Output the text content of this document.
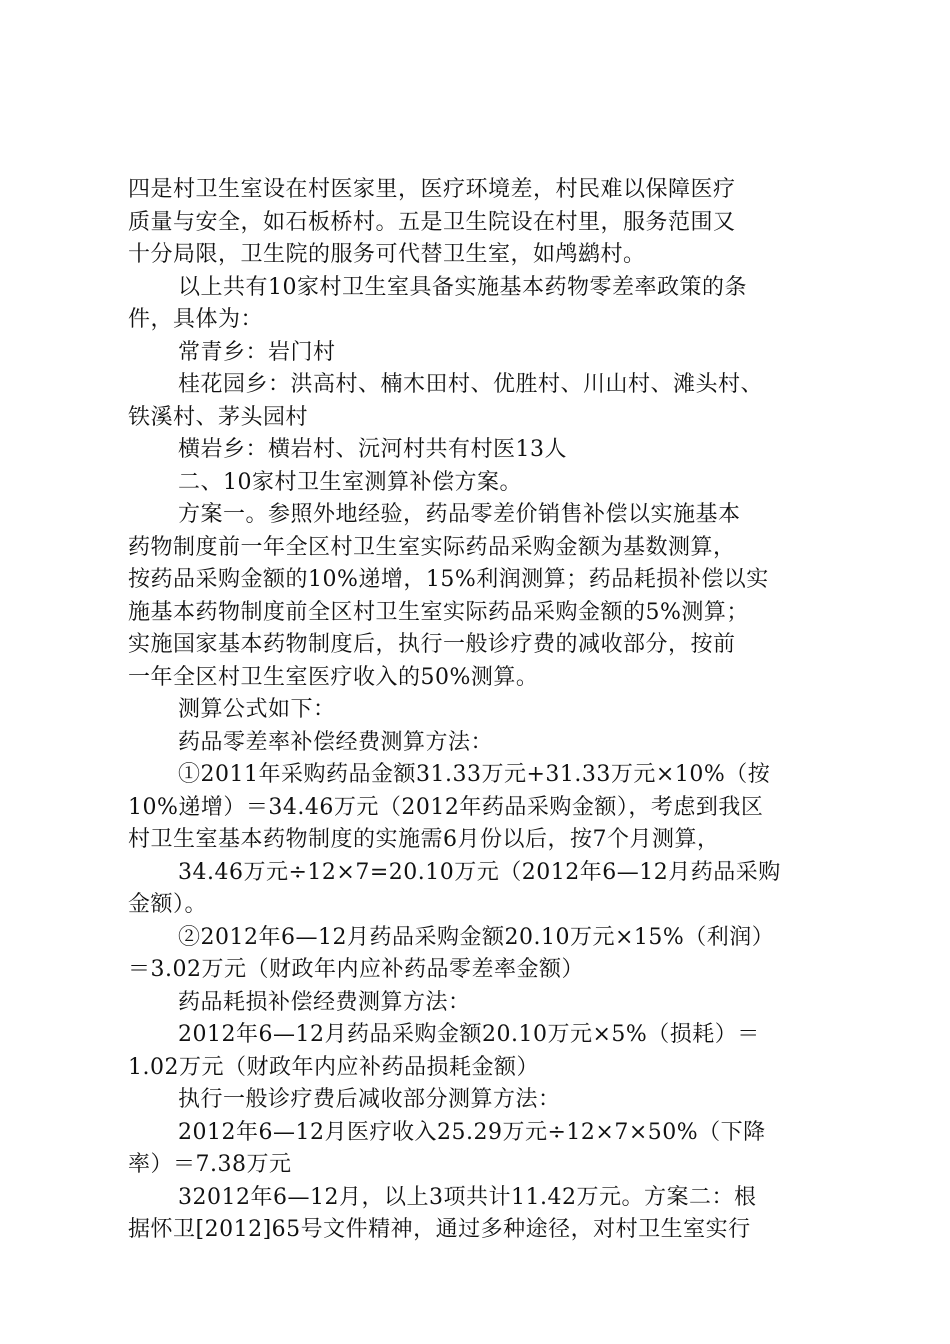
四是村卫生室设在村医家里，医疗环境差，村民难以保障医疗
质量与安全，如石板桥村。五是卫生院设在村里，服务范围又
十分局限，卫生院的服务可代替卫生室，如鸬鹚村。
以上共有10家村卫生室具备实施基本药物零差率政策的条
件，具体为：
常青乡：岩门村
桂花园乡：洪高村、楠木田村、优胜村、川山村、滩头村、
铁溪村、茅头园村
横岩乡：横岩村、沅河村共有村医13人
二、10家村卫生室测算补偿方案。
方案一。参照外地经验，药品零差价销售补偿以实施基本
药物制度前一年全区村卫生室实际药品采购金额为基数测算，
按药品采购金额的10%递增，15%利润测算；药品耗损补偿以实
施基本药物制度前全区村卫生室实际药品采购金额的5%测算；
实施国家基本药物制度后，执行一般诊疗费的减收部分，按前
一年全区村卫生室医疗收入的50%测算。
测算公式如下：
药品零差率补偿经费测算方法：
①2011年采购药品金额31.33万元+31.33万元×10%（按
10%递增）＝34.46万元（2012年药品采购金额），考虑到我区
村卫生室基本药物制度的实施需6月份以后，按7个月测算，
34.46万元÷12×7=20.10万元（2012年6—12月药品采购
金额）。
②2012年6—12月药品采购金额20.10万元×15%（利润）
＝3.02万元（财政年内应补药品零差率金额）
药品耗损补偿经费测算方法：
2012年6—12月药品采购金额20.10万元×5%（损耗）＝
1.02万元（财政年内应补药品损耗金额）
执行一般诊疗费后减收部分测算方法：
2012年6—12月医疗收入25.29万元÷12×7×50%（下降
率）＝7.38万元
32012年6—12月，以上3项共计11.42万元。方案二：根
据怀卫[2012]65号文件精神，通过多种途径，对村卫生室实行
